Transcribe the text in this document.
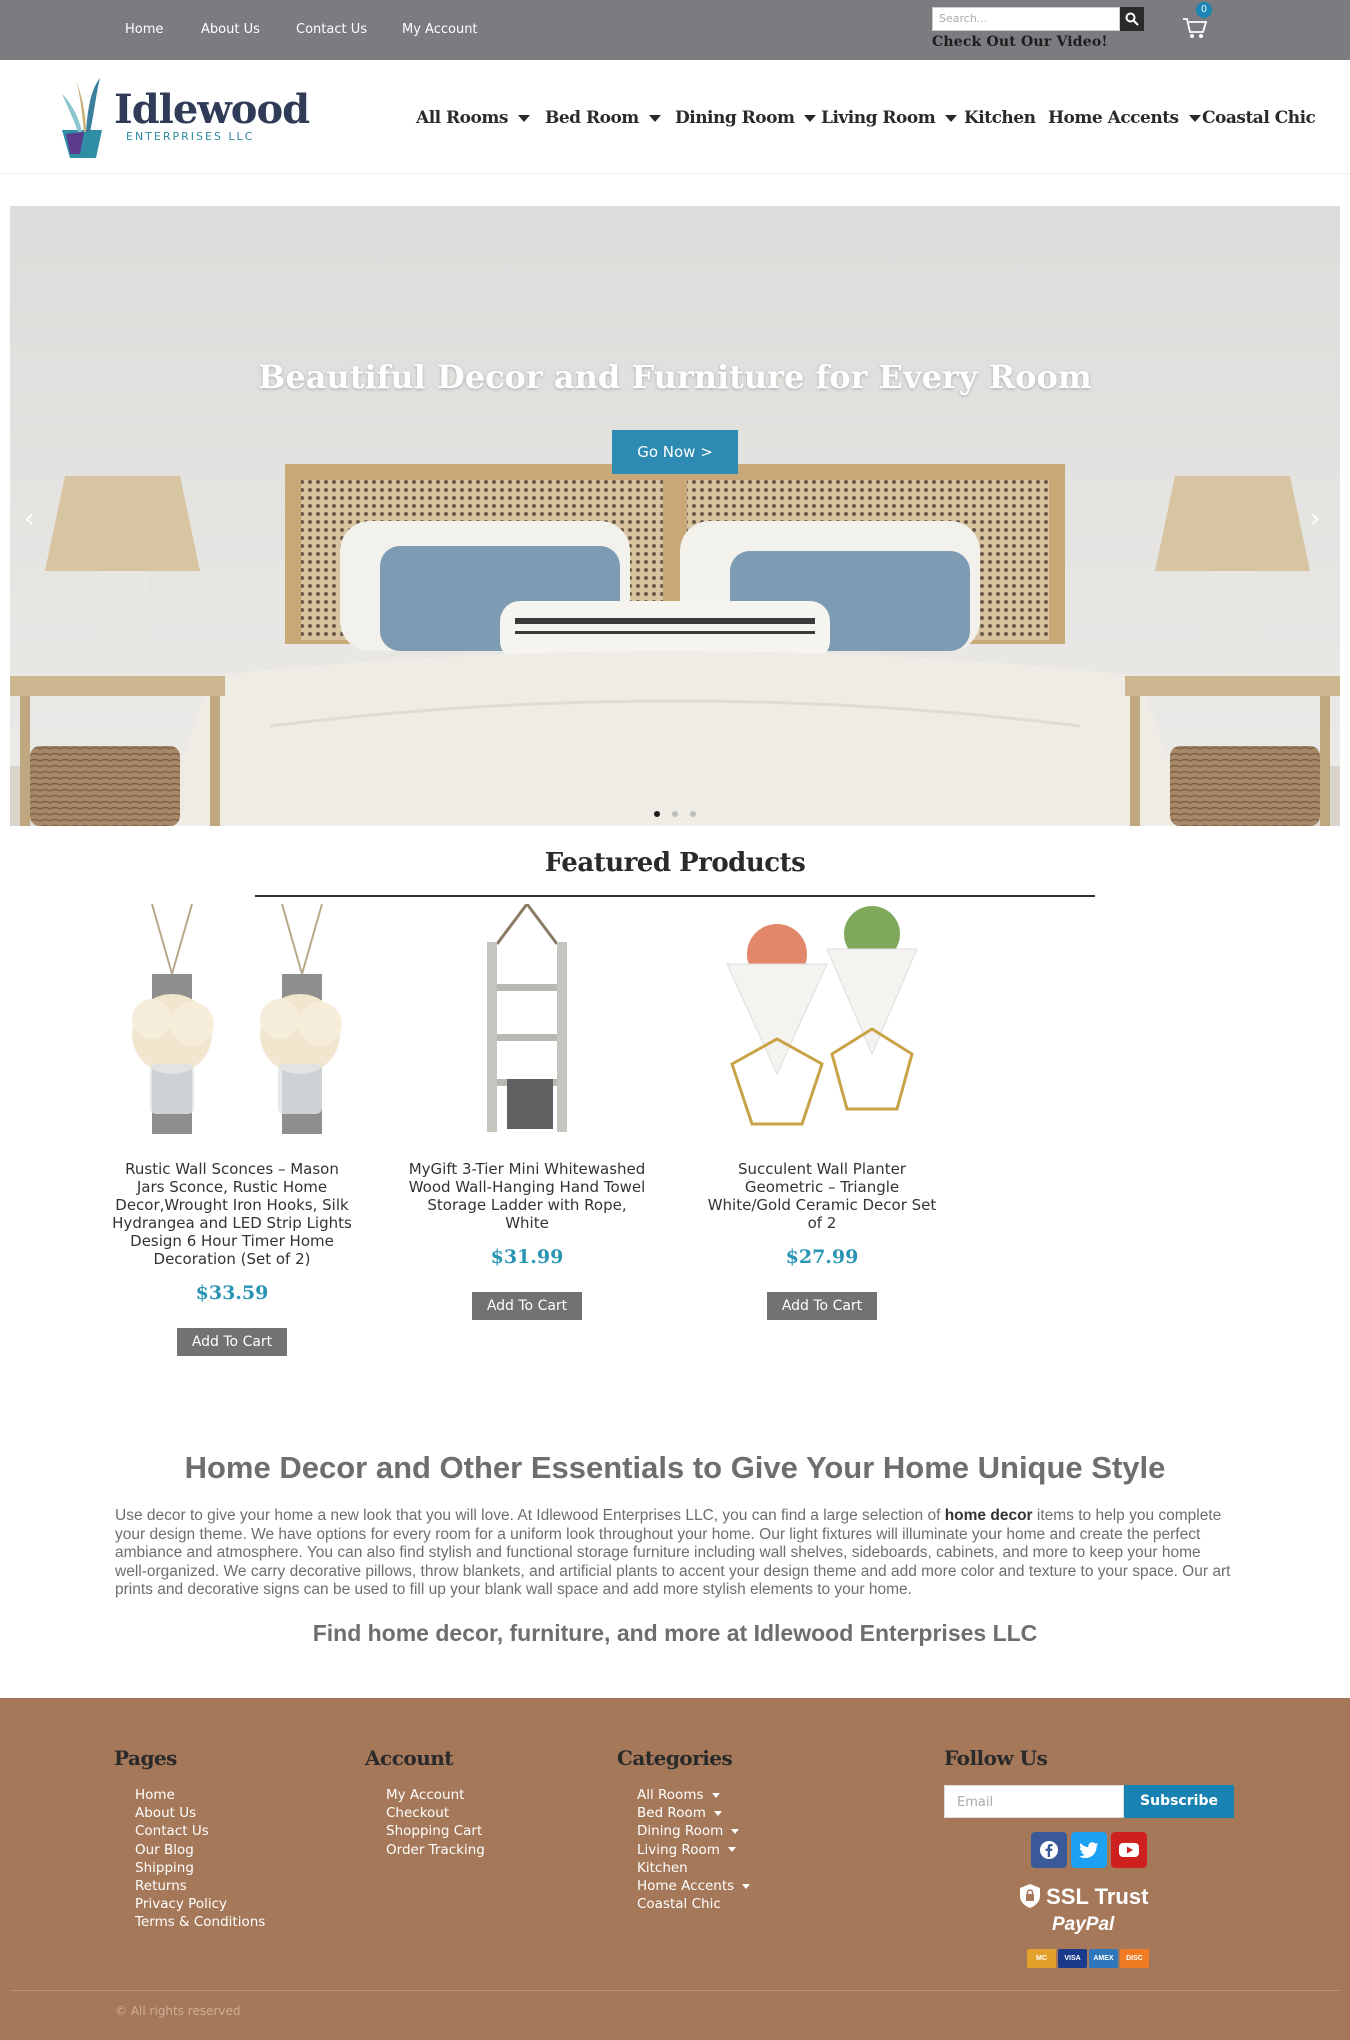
Home	About Us	Contact Us	My Account
Search...
Check Out Our Video!
0
Idlewood
ENTERPRISES LLC
All Rooms	Bed Room	Dining Room	Living Room	Kitchen Home Accents	Coastal Chic
Beautiful Decor and Furniture for Every Room
Go Now >
‹	›
Featured Products
Rustic Wall Sconces – Mason Jars Sconce, Rustic Home Decor,Wrought Iron Hooks, Silk Hydrangea and LED Strip Lights Design 6 Hour Timer Home Decoration (Set of 2)
$33.59
Add To Cart
MyGift 3-Tier Mini Whitewashed Wood Wall-Hanging Hand Towel Storage Ladder with Rope, White
$31.99
Add To Cart
Succulent Wall Planter Geometric – Triangle White/Gold Ceramic Decor Set of 2
$27.99
Add To Cart
Home Decor and Other Essentials to Give Your Home Unique Style
Use decor to give your home a new look that you will love. At Idlewood Enterprises LLC, you can find a large selection of home decor items to help you complete your design theme. We have options for every room for a uniform look throughout your home. Our light fixtures will illuminate your home and create the perfect ambiance and atmosphere. You can also find stylish and functional storage furniture including wall shelves, sideboards, cabinets, and more to keep your home well-organized. We carry decorative pillows, throw blankets, and artificial plants to accent your design theme and add more color and texture to your space. Our art prints and decorative signs can be used to fill up your blank wall space and add more stylish elements to your home.
Find home decor, furniture, and more at Idlewood Enterprises LLC
Pages
Home
About Us
Contact Us
Our Blog
Shipping
Returns
Privacy Policy
Terms & Conditions
Account
My Account
Checkout
Shopping Cart
Order Tracking
Categories
All Rooms
Bed Room
Dining Room
Living Room
Kitchen
Home Accents
Coastal Chic
Follow Us
Email	Subscribe
SSL Trust
PayPal
MC	VISA	AMEX	DISC
© All rights reserved
